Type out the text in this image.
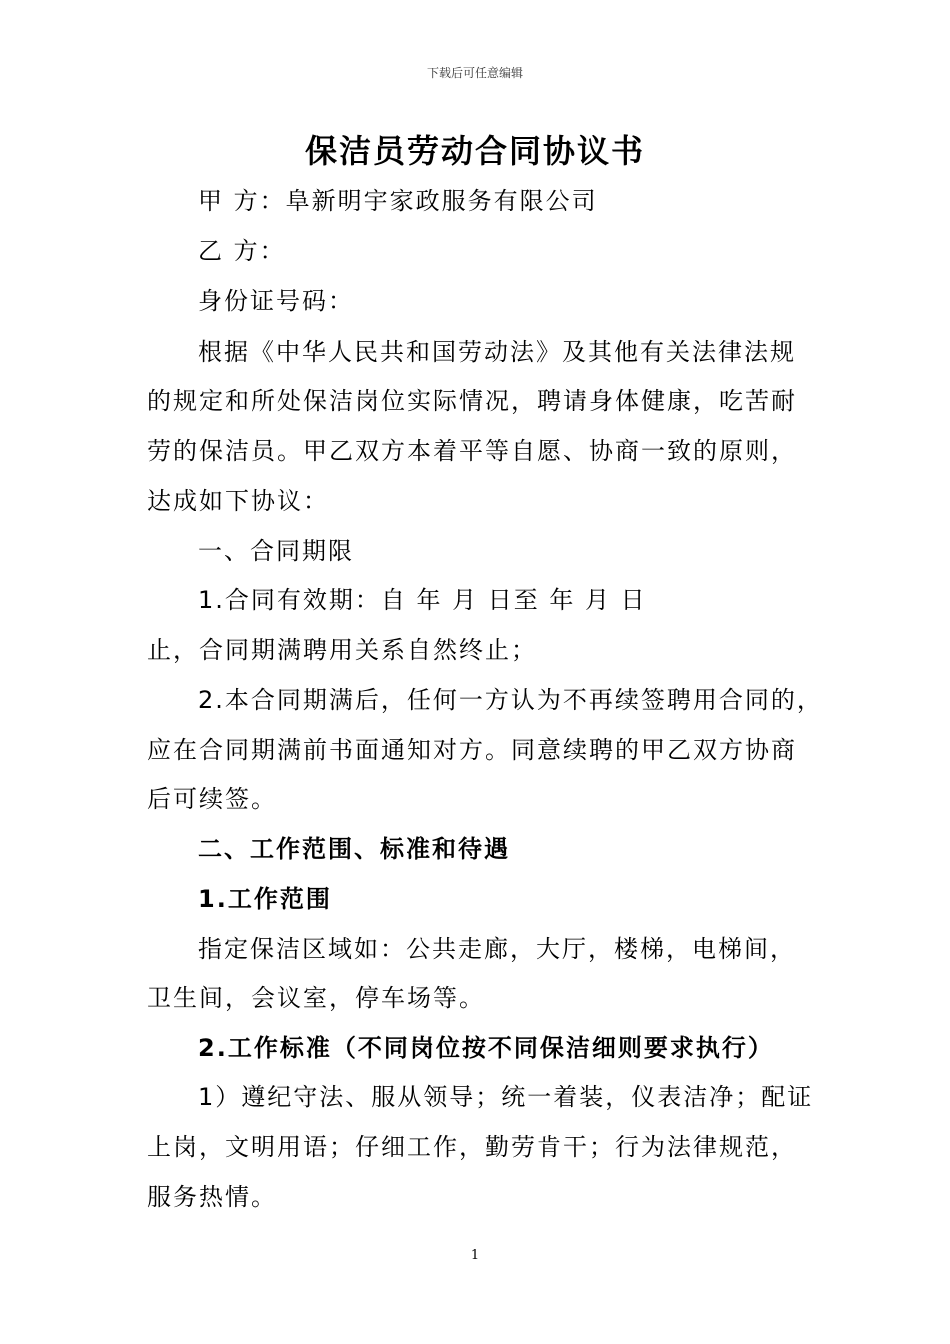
下载后可任意编辑
保洁员劳动合同协议书
甲 方：阜新明宇家政服务有限公司
乙 方：
身份证号码：
根据《中华人民共和国劳动法》及其他有关法律法规
的规定和所处保洁岗位实际情况，聘请身体健康，吃苦耐
劳的保洁员。甲乙双方本着平等自愿、协商一致的原则，
达成如下协议：
一、合同期限
1.合同有效期：自 年 月 日至 年 月 日
止，合同期满聘用关系自然终止；
2.本合同期满后，任何一方认为不再续签聘用合同的，
应在合同期满前书面通知对方。同意续聘的甲乙双方协商
后可续签。
二、工作范围、标准和待遇
1.工作范围
指定保洁区域如：公共走廊，大厅，楼梯，电梯间，
卫生间，会议室，停车场等。
2.工作标准（不同岗位按不同保洁细则要求执行）
1）遵纪守法、服从领导；统一着装，仪表洁净；配证
上岗，文明用语；仔细工作，勤劳肯干；行为法律规范，
服务热情。
1
